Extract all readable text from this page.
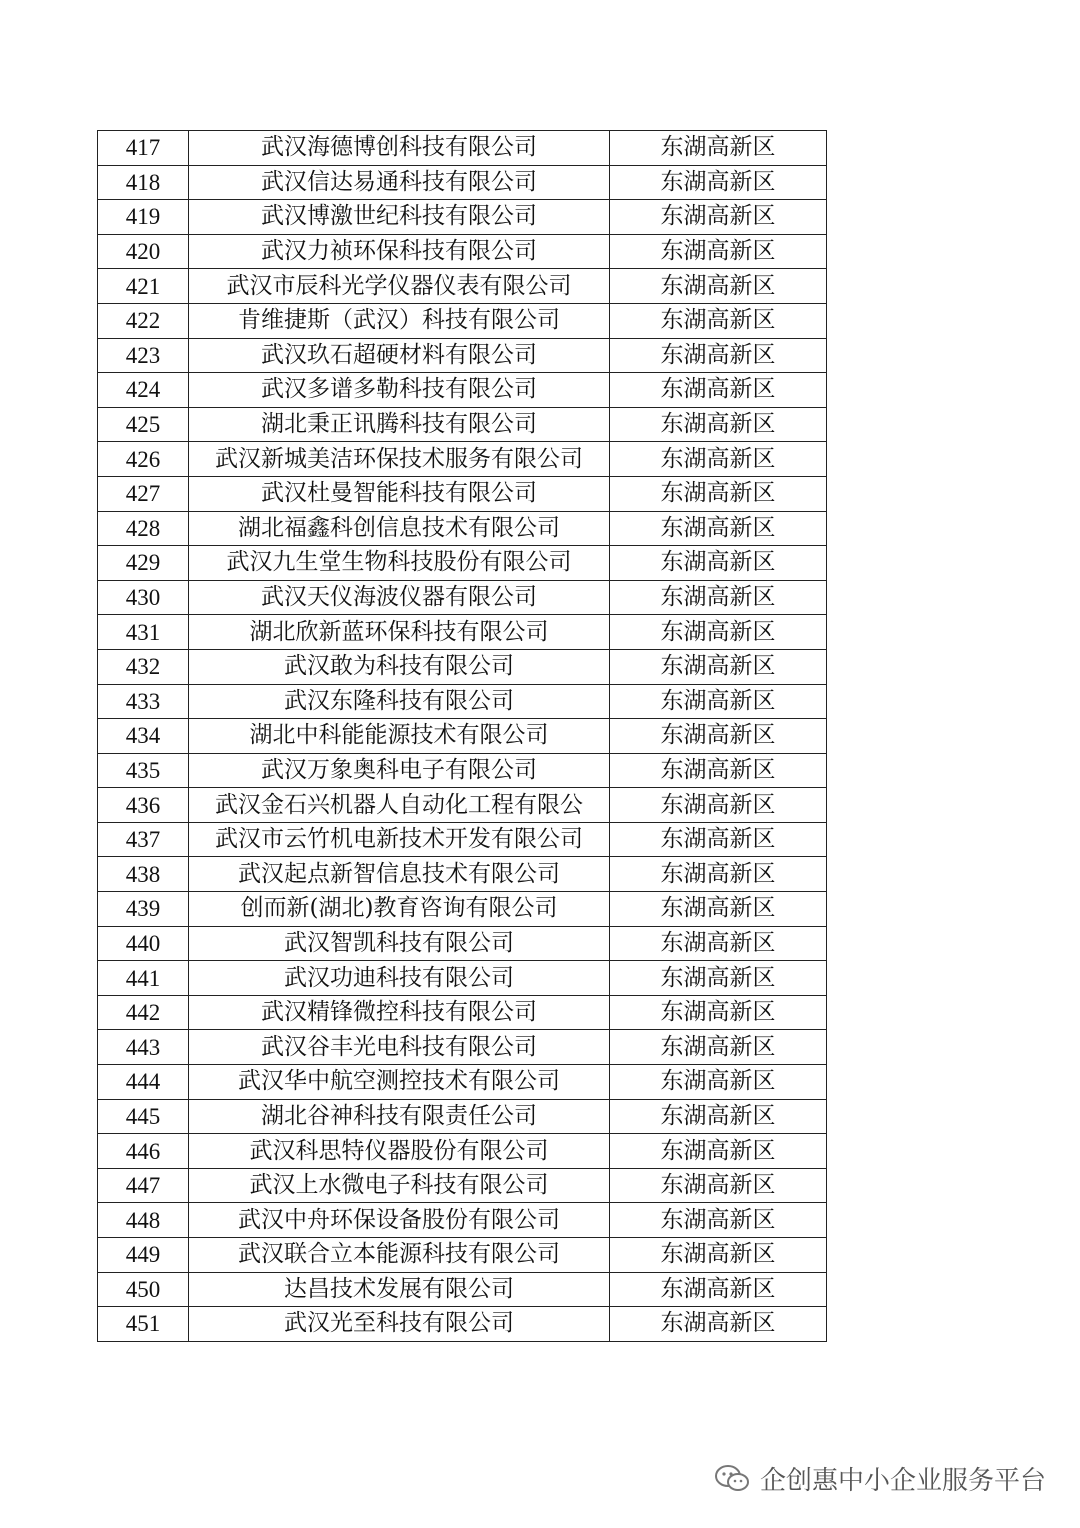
417	武汉海德博创科技有限公司	东湖高新区
418	武汉信达易通科技有限公司	东湖高新区
419	武汉博激世纪科技有限公司	东湖高新区
420	武汉力祯环保科技有限公司	东湖高新区
421	武汉市辰科光学仪器仪表有限公司	东湖高新区
422	肯维捷斯（武汉）科技有限公司	东湖高新区
423	武汉玖石超硬材料有限公司	东湖高新区
424	武汉多谱多勒科技有限公司	东湖高新区
425	湖北秉正讯腾科技有限公司	东湖高新区
426	武汉新城美洁环保技术服务有限公司	东湖高新区
427	武汉杜曼智能科技有限公司	东湖高新区
428	湖北福鑫科创信息技术有限公司	东湖高新区
429	武汉九生堂生物科技股份有限公司	东湖高新区
430	武汉天仪海波仪器有限公司	东湖高新区
431	湖北欣新蓝环保科技有限公司	东湖高新区
432	武汉敢为科技有限公司	东湖高新区
433	武汉东隆科技有限公司	东湖高新区
434	湖北中科能能源技术有限公司	东湖高新区
435	武汉万象奥科电子有限公司	东湖高新区
436	武汉金石兴机器人自动化工程有限公	东湖高新区
437	武汉市云竹机电新技术开发有限公司	东湖高新区
438	武汉起点新智信息技术有限公司	东湖高新区
439	创而新(湖北)教育咨询有限公司	东湖高新区
440	武汉智凯科技有限公司	东湖高新区
441	武汉功迪科技有限公司	东湖高新区
442	武汉精锋微控科技有限公司	东湖高新区
443	武汉谷丰光电科技有限公司	东湖高新区
444	武汉华中航空测控技术有限公司	东湖高新区
445	湖北谷神科技有限责任公司	东湖高新区
446	武汉科思特仪器股份有限公司	东湖高新区
447	武汉上水微电子科技有限公司	东湖高新区
448	武汉中舟环保设备股份有限公司	东湖高新区
449	武汉联合立本能源科技有限公司	东湖高新区
450	达昌技术发展有限公司	东湖高新区
451	武汉光至科技有限公司	东湖高新区
企创惠中小企业服务平台
